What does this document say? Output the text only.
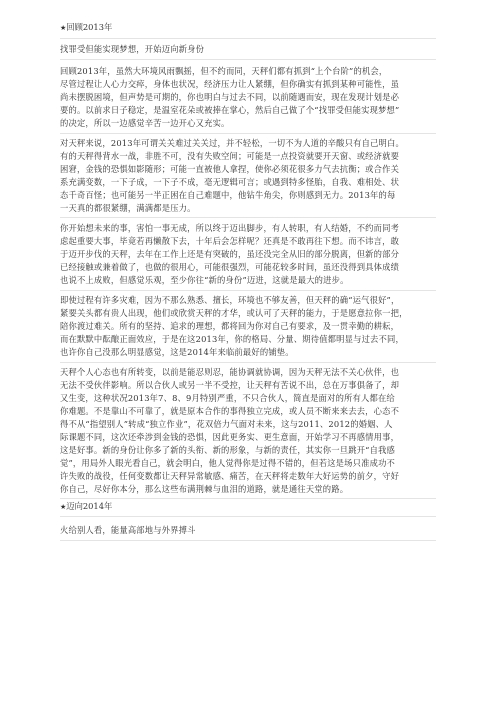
★回顾2013年
找罪受但能实现梦想，开始迈向新身份
回顾2013年，虽然大环境风雨飘摇，但不约而同，天秤们都有抓到“上个台阶”的机会，
尽管过程让人心力交瘁，身体也状况，经济压力让人紧绷，但你确实有抓到某种可能性，虽
尚未摆脱困境，但声势是可期的，你也明白与过去不同，以前随遇而安，现在发现计划是必
要的。以前求日子稳定，是温室花朵或被捧在掌心，然后自己做了个“找罪受但能实现梦想”
的决定，所以一边感觉辛苦一边开心又充实。
对天秤来说，2013年可谓关关难过关关过，并不轻松，一切不为人道的辛酸只有自己明白。
有的天秤得背水一战，非胜不可，没有失败空间；可能是一点投资就要开天窗、或经济就要
困窘，金钱的恐惧如影随形；可能一直被他人拿捏，使你必须花很多力气去抗衡；或合作关
系充满变数，一下子成，一下子不成，毫无逻辑可言；或遇到特多怪胎，自我、难相处、状
态千奇百怪；也可能另一半正困在自己难题中，他钻牛角尖，你则感到无力。2013年的每
一天真的都很紧绷，满满都是压力。
你开始想未来的事，害怕一事无成，所以终于迈出脚步，有人转职，有人结婚，不约而同考
虑起重要大事，毕竟若再懒散下去，十年后会怎样呢？还真是不敢再往下想。而不讳言，敢
于迈开步伐的天秤，去年在工作上还是有突破的，虽还没完全从旧的部分脱离，但新的部分
已经接触或兼着做了，也做的很用心，可能很强烈，可能花较多时间，虽还没得到具体成绩
也说不上成败，但感觉乐观，至少你往“新的身份”迈进，这就是最大的进步。
即使过程有许多灾难，因为不那么熟悉、擅长，环境也不够友善，但天秤的确“运气很好”，
紧要关头都有贵人出现，他们或欣赏天秤的才华，或认可了天秤的能力，于是愿意拉你一把，
陪你渡过难关。所有的坚持、追求的理想，都将回为你对自己有要求，及一贯幸勤的耕耘，
而在默默中酝酿正面效应，于是在这2013年，你的格局、分量、期待值都明显与过去不同，
也许你自己没那么明显感觉，这是2014年来临前最好的铺垫。
天秤个人心态也有所转变，以前是能忍则忍，能协调就协调，因为天秤无法不关心伙伴，也
无法不受伙伴影响。所以合伙人或另一半不受控，让天秤有苦说不出，总在万事俱备了，却
又生变，这种状况2013年7、8、9月特别严重，不只合伙人，简直是面对的所有人都在给
你难题。不是靠山不可靠了，就是原本合作的事得独立完成，或人员不断来来去去，心态不
得不从“指望别人”转成“独立作业”，花双倍力气面对未来，这与2011、2012的婚姻、人
际课题不同，这次还牵涉到金钱的恐惧，因此更务实、更生意面，开始学习不再感情用事，
这是好事。新的身份让你多了新的头衔、新的形象，与新的责任，其实你一旦跳开“自我感
觉”，用局外人眼光看自己，就会明白，他人觉得你是过得不错的，但若这是场只准成功不
许失败的战役，任何变数都让天秤异常敏感、痛苦，在天秤将走数年大好运势的前夕，守好
你自己，尽好你本分，那么这些布满荆棘与血泪的道路，就是通往天堂的路。
★迈向2014年
火给别人看，能量高部地与外界搏斗
